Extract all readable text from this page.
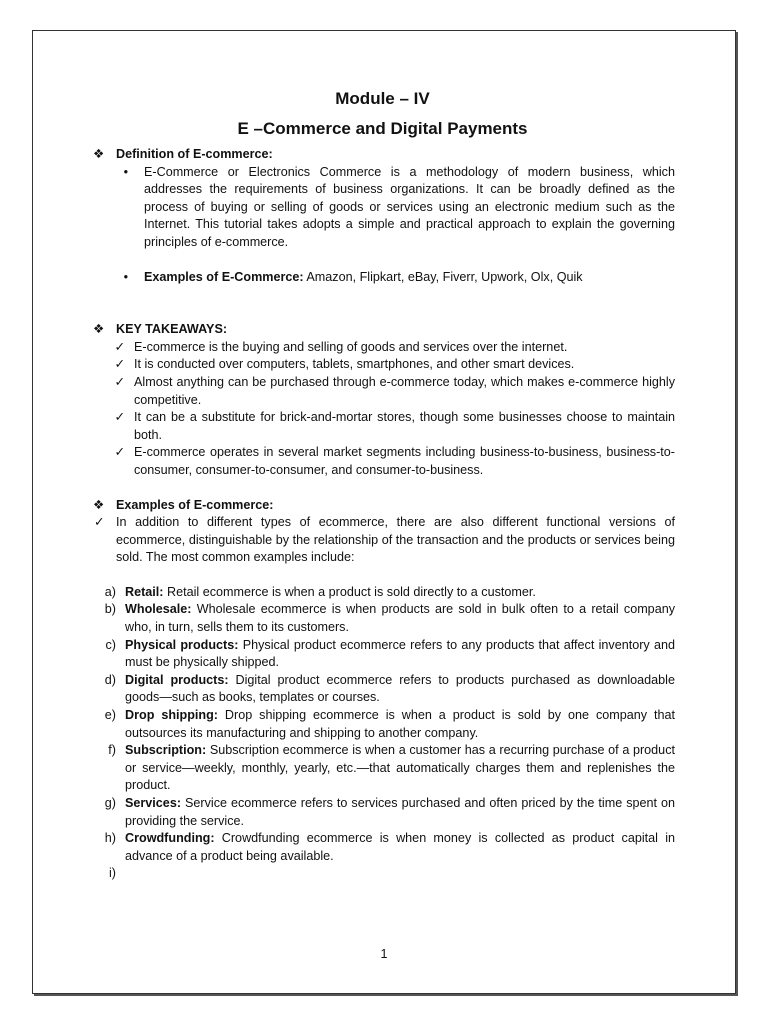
Module – IV
E –Commerce and Digital Payments
❖ Definition of E-commerce:
•	E-Commerce or Electronics Commerce is a methodology of modern business, which addresses the requirements of business organizations. It can be broadly defined as the process of buying or selling of goods or services using an electronic medium such as the Internet. This tutorial takes adopts a simple and practical approach to explain the governing principles of e-commerce.
•	Examples of E-Commerce: Amazon, Flipkart, eBay, Fiverr, Upwork, Olx, Quik
❖ KEY TAKEAWAYS:
✓ E-commerce is the buying and selling of goods and services over the internet.
✓ It is conducted over computers, tablets, smartphones, and other smart devices.
✓ Almost anything can be purchased through e-commerce today, which makes e-commerce highly competitive.
✓ It can be a substitute for brick-and-mortar stores, though some businesses choose to maintain both.
✓ E-commerce operates in several market segments including business-to-business, business-to-consumer, consumer-to-consumer, and consumer-to-business.
❖ Examples of E-commerce:
✓ In addition to different types of ecommerce, there are also different functional versions of ecommerce, distinguishable by the relationship of the transaction and the products or services being sold. The most common examples include:
a) Retail: Retail ecommerce is when a product is sold directly to a customer.
b) Wholesale: Wholesale ecommerce is when products are sold in bulk often to a retail company who, in turn, sells them to its customers.
c) Physical products: Physical product ecommerce refers to any products that affect inventory and must be physically shipped.
d) Digital products: Digital product ecommerce refers to products purchased as downloadable goods—such as books, templates or courses.
e) Drop shipping: Drop shipping ecommerce is when a product is sold by one company that outsources its manufacturing and shipping to another company.
f) Subscription: Subscription ecommerce is when a customer has a recurring purchase of a product or service—weekly, monthly, yearly, etc.—that automatically charges them and replenishes the product.
g) Services: Service ecommerce refers to services purchased and often priced by the time spent on providing the service.
h) Crowdfunding: Crowdfunding ecommerce is when money is collected as product capital in advance of a product being available.
i)
1
